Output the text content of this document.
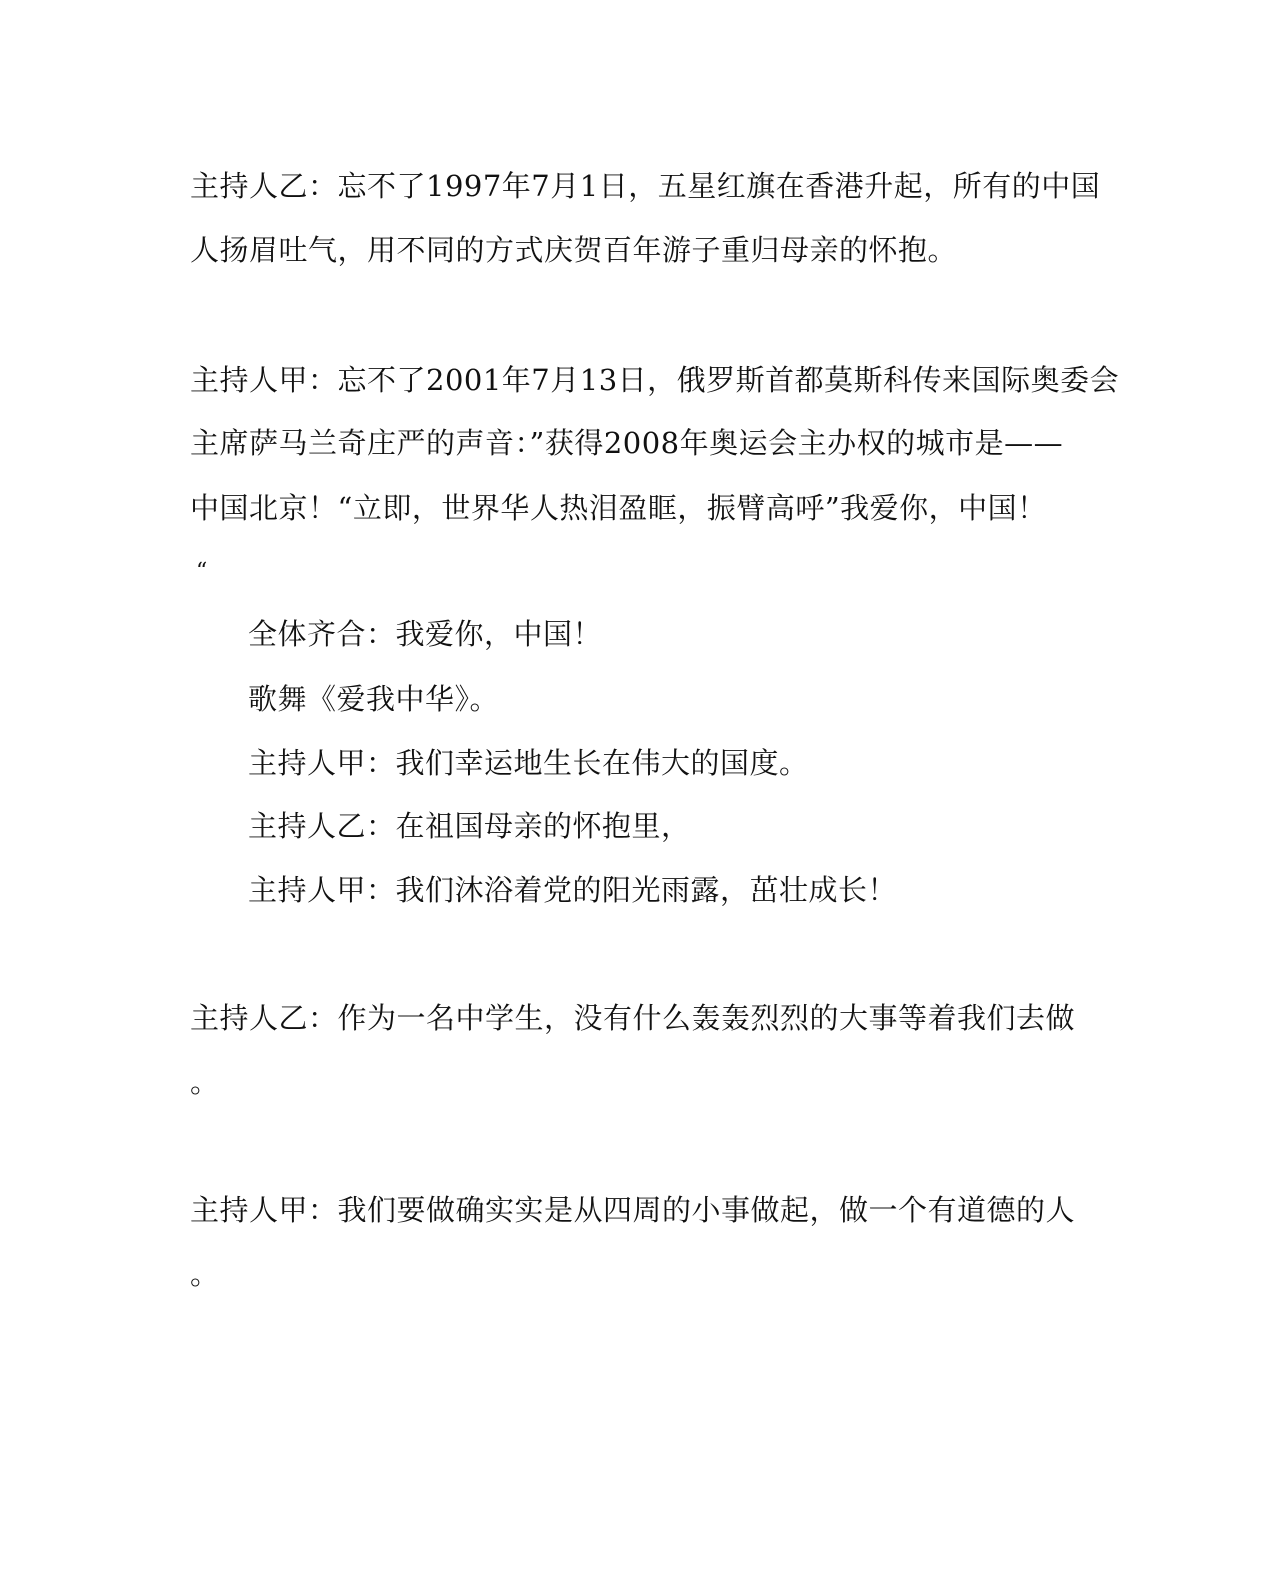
主持人乙：忘不了1997年7月1日，五星红旗在香港升起，所有的中国
人扬眉吐气，用不同的方式庆贺百年游子重归母亲的怀抱。
主持人甲：忘不了2001年7月13日，俄罗斯首都莫斯科传来国际奥委会
主席萨马兰奇庄严的声音：”获得2008年奥运会主办权的城市是——
中国北京！“立即，世界华人热泪盈眶，振臂高呼”我爱你，中国！
“
全体齐合：我爱你，中国！
歌舞《爱我中华》。
主持人甲：我们幸运地生长在伟大的国度。
主持人乙：在祖国母亲的怀抱里，
主持人甲：我们沐浴着党的阳光雨露，茁壮成长！
主持人乙：作为一名中学生，没有什么轰轰烈烈的大事等着我们去做
。
主持人甲：我们要做确实实是从四周的小事做起，做一个有道德的人
。
